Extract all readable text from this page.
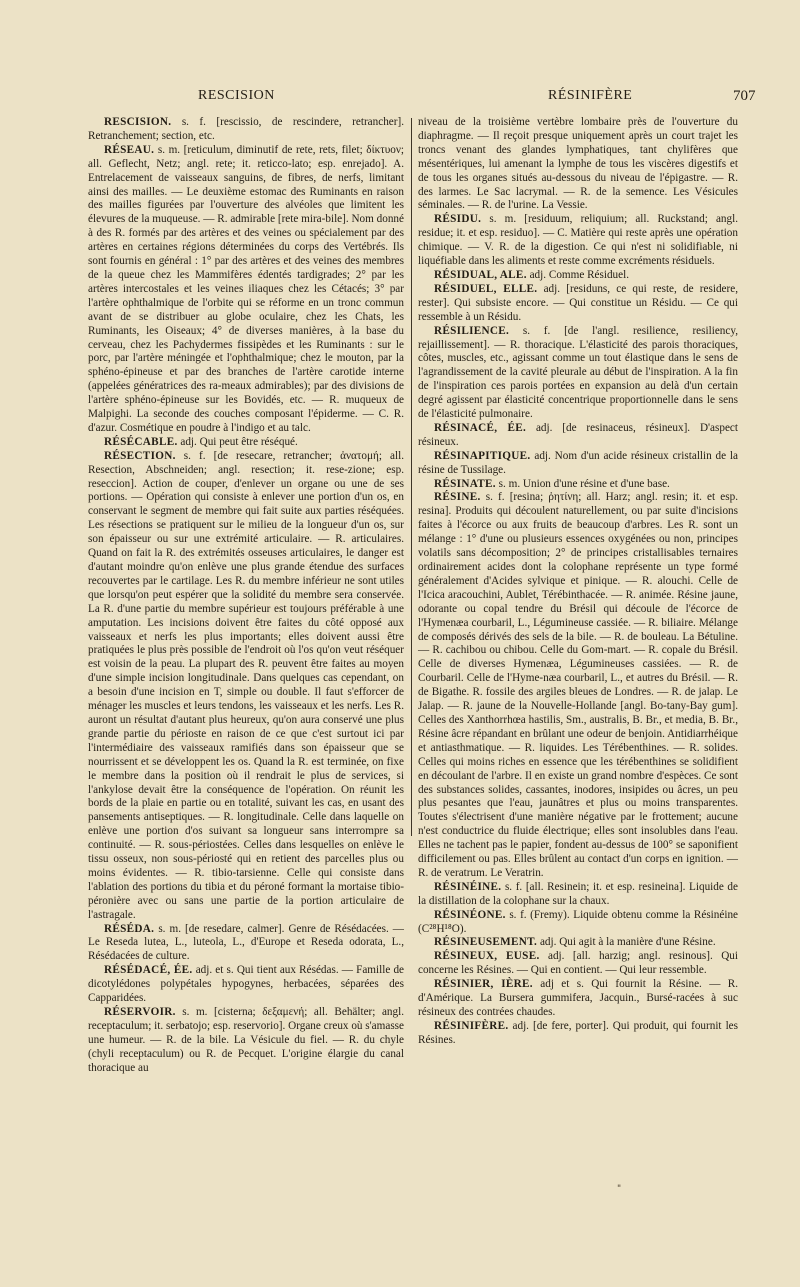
RESCISION	RÉSINIFÈRE	707

RESCISION. s. f. [rescissio, de rescindere, retrancher]. Retranchement; section, etc.

RÉSEAU. s. m. [reticulum, diminutif de rete, rets, filet; δίκτυον; all. Geflecht, Netz; angl. rete; it. reticco-lato; esp. enrejado]. A. Entrelacement de vaisseaux sanguins, de fibres, de nerfs, limitant ainsi des mailles. — Le deuxième estomac des Ruminants en raison des mailles figurées par l'ouverture des alvéoles que limitent les élevures de la muqueuse. — R. admirable [rete mira-bile]. Nom donné à des R. formés par des artères et des veines ou spécialement par des artères en certaines régions déterminées du corps des Vertébrés. Ils sont fournis en général : 1° par des artères et des veines des membres de la queue chez les Mammifères édentés tardigrades; 2° par les artères intercostales et les veines iliaques chez les Cétacés; 3° par l'artère ophthalmique de l'orbite qui se réforme en un tronc commun avant de se distribuer au globe oculaire, chez les Chats, les Ruminants, les Oiseaux; 4° de diverses manières, à la base du cerveau, chez les Pachydermes fissipèdes et les Ruminants : sur le porc, par l'artère méningée et l'ophthalmique; chez le mouton, par la sphéno-épineuse et par des branches de l'artère carotide interne (appelées génératrices des ra-meaux admirables); par des divisions de l'artère sphéno-épineuse sur les Bovidés, etc. — R. muqueux de Malpighi. La seconde des couches composant l'épiderme. — C. R. d'azur. Cosmétique en poudre à l'indigo et au talc.

RÉSÉCABLE. adj. Qui peut être réséqué.

RÉSECTION. s. f. [de resecare, retrancher; ἀνατομή; all. Resection, Abschneiden; angl. resection; it. rese-zione; esp. reseccion]. Action de couper, d'enlever un organe ou une de ses portions. — Opération qui consiste à enlever une portion d'un os, en conservant le segment de membre qui fait suite aux parties réséquées. Les résections se pratiquent sur le milieu de la longueur d'un os, sur son épaisseur ou sur une extrémité articulaire. — R. articulaires. Quand on fait la R. des extrémités osseuses articulaires, le danger est d'autant moindre qu'on enlève une plus grande étendue des surfaces recouvertes par le cartilage. Les R. du membre inférieur ne sont utiles que lorsqu'on peut espérer que la solidité du membre sera conservée. La R. d'une partie du membre supérieur est toujours préférable à une amputation. Les incisions doivent être faites du côté opposé aux vaisseaux et nerfs les plus importants; elles doivent aussi être pratiquées le plus près possible de l'endroit où l'os qu'on veut réséquer est voisin de la peau. La plupart des R. peuvent être faites au moyen d'une simple incision longitudinale. Dans quelques cas cependant, on a besoin d'une incision en T, simple ou double. Il faut s'efforcer de ménager les muscles et leurs tendons, les vaisseaux et les nerfs. Les R. auront un résultat d'autant plus heureux, qu'on aura conservé une plus grande partie du périoste en raison de ce que c'est surtout ici par l'intermédiaire des vaisseaux ramifiés dans son épaisseur que se nourrissent et se développent les os. Quand la R. est terminée, on fixe le membre dans la position où il rendrait le plus de services, si l'ankylose devait être la conséquence de l'opération. On réunit les bords de la plaie en partie ou en totalité, suivant les cas, en usant des pansements antiseptiques. — R. longitudinale. Celle dans laquelle on enlève une portion d'os suivant sa longueur sans interrompre sa continuité. — R. sous-périostées. Celles dans lesquelles on enlève le tissu osseux, non sous-périosté qui en retient des parcelles plus ou moins évidentes. — R. tibio-tarsienne. Celle qui consiste dans l'ablation des portions du tibia et du péroné formant la mortaise tibio-péronière avec ou sans une partie de la portion articulaire de l'astragale.

RÉSÉDA. s. m. [de resedare, calmer]. Genre de Résédacées. — Le Reseda lutea, L., luteola, L., d'Europe et Reseda odorata, L., Résédacées de culture.

RÉSÉDACÉ, ÉE. adj. et s. Qui tient aux Résédas. — Famille de dicotylédones polypétales hypogynes, herbacées, séparées des Capparidées.

RÉSERVOIR. s. m. [cisterna; δεξαμενή; all. Behälter; angl. receptaculum; it. serbatojo; esp. reservorio]. Organe creux où s'amasse une humeur. — R. de la bile. La Vésicule du fiel. — R. du chyle (chyli receptaculum) ou R. de Pecquet. L'origine élargie du canal thoracique au

niveau de la troisième vertèbre lombaire près de l'ouverture du diaphragme. — Il reçoit presque uniquement après un court trajet les troncs venant des glandes lymphatiques, tant chylifères que mésentériques, lui amenant la lymphe de tous les viscères digestifs et de tous les organes situés au-dessous du niveau de l'épigastre. — R. des larmes. Le Sac lacrymal. — R. de la semence. Les Vésicules séminales. — R. de l'urine. La Vessie.

RÉSIDU. s. m. [residuum, reliquium; all. Ruckstand; angl. residue; it. et esp. residuo]. — C. Matière qui reste après une opération chimique. — V. R. de la digestion. Ce qui n'est ni solidifiable, ni liquéfiable dans les aliments et reste comme excréments résiduels.

RÉSIDUAL, ALE. adj. Comme Résiduel.

RÉSIDUEL, ELLE. adj. [residuns, ce qui reste, de residere, rester]. Qui subsiste encore. — Qui constitue un Résidu. — Ce qui ressemble à un Résidu.

RÉSILIENCE. s. f. [de l'angl. resilience, resiliency, rejaillissement]. — R. thoracique. L'élasticité des parois thoraciques, côtes, muscles, etc., agissant comme un tout élastique dans le sens de l'agrandissement de la cavité pleurale au début de l'inspiration. A la fin de l'inspiration ces parois portées en expansion au delà d'un certain degré agissent par élasticité concentrique proportionnelle dans le sens de l'élasticité pulmonaire.

RÉSINACÉ, ÉE. adj. [de resinaceus, résineux]. D'aspect résineux.

RÉSINAPITIQUE. adj. Nom d'un acide résineux cristallin de la résine de Tussilage.

RÉSINATE. s. m. Union d'une résine et d'une base.

RÉSINE. s. f. [resina; ῥητίνη; all. Harz; angl. resin; it. et esp. resina]. Produits qui découlent naturellement, ou par suite d'incisions faites à l'écorce ou aux fruits de beaucoup d'arbres. Les R. sont un mélange : 1° d'une ou plusieurs essences oxygénées ou non, principes volatils sans décomposition; 2° de principes cristallisables ternaires ordinairement acides dont la colophane représente un type formé généralement d'Acides sylvique et pinique. — R. alouchi. Celle de l'Icica aracouchini, Aublet, Térébinthacée. — R. animée. Résine jaune, odorante ou copal tendre du Brésil qui découle de l'écorce de l'Hymenæa courbaril, L., Légumineuse cassiée. — R. biliaire. Mélange de composés dérivés des sels de la bile. — R. de bouleau. La Bétuline. — R. cachibou ou chibou. Celle du Gom-mart. — R. copale du Brésil. Celle de diverses Hymenæa, Légumineuses cassiées. — R. de Courbaril. Celle de l'Hyme-næa courbaril, L., et autres du Brésil. — R. de Bigathe. R. fossile des argiles bleues de Londres. — R. de jalap. Le Jalap. — R. jaune de la Nouvelle-Hollande [angl. Bo-tany-Bay gum]. Celles des Xanthorrhœa hastilis, Sm., australis, B. Br., et media, B. Br., Résine âcre répandant en brûlant une odeur de benjoin. Antidiarrhéique et antiasthmatique. — R. liquides. Les Térébenthines. — R. solides. Celles qui moins riches en essence que les térébenthines se solidifient en découlant de l'arbre. Il en existe un grand nombre d'espèces. Ce sont des substances solides, cassantes, inodores, insipides ou âcres, un peu plus pesantes que l'eau, jaunâtres et plus ou moins transparentes. Toutes s'électrisent d'une manière négative par le frottement; aucune n'est conductrice du fluide électrique; elles sont insolubles dans l'eau. Elles ne tachent pas le papier, fondent au-dessus de 100° se saponifient difficilement ou pas. Elles brûlent au contact d'un corps en ignition. — R. de veratrum. Le Veratrin.

RÉSINÉINE. s. f. [all. Resinein; it. et esp. resineina]. Liquide de la distillation de la colophane sur la chaux.

RÉSINÉONE. s. f. (Fremy). Liquide obtenu comme la Résinéine (C²⁸H¹⁸O).

RÉSINEUSEMENT. adj. Qui agit à la manière d'une Résine.

RÉSINEUX, EUSE. adj. [all. harzig; angl. resinous]. Qui concerne les Résines. — Qui en contient. — Qui leur ressemble.

RÉSINIER, IÈRE. adj et s. Qui fournit la Résine. — R. d'Amérique. La Bursera gummifera, Jacquin., Bursé-racées à suc résineux des contrées chaudes.

RÉSINIFÈRE. adj. [de fere, porter]. Qui produit, qui fournit les Résines.

"
